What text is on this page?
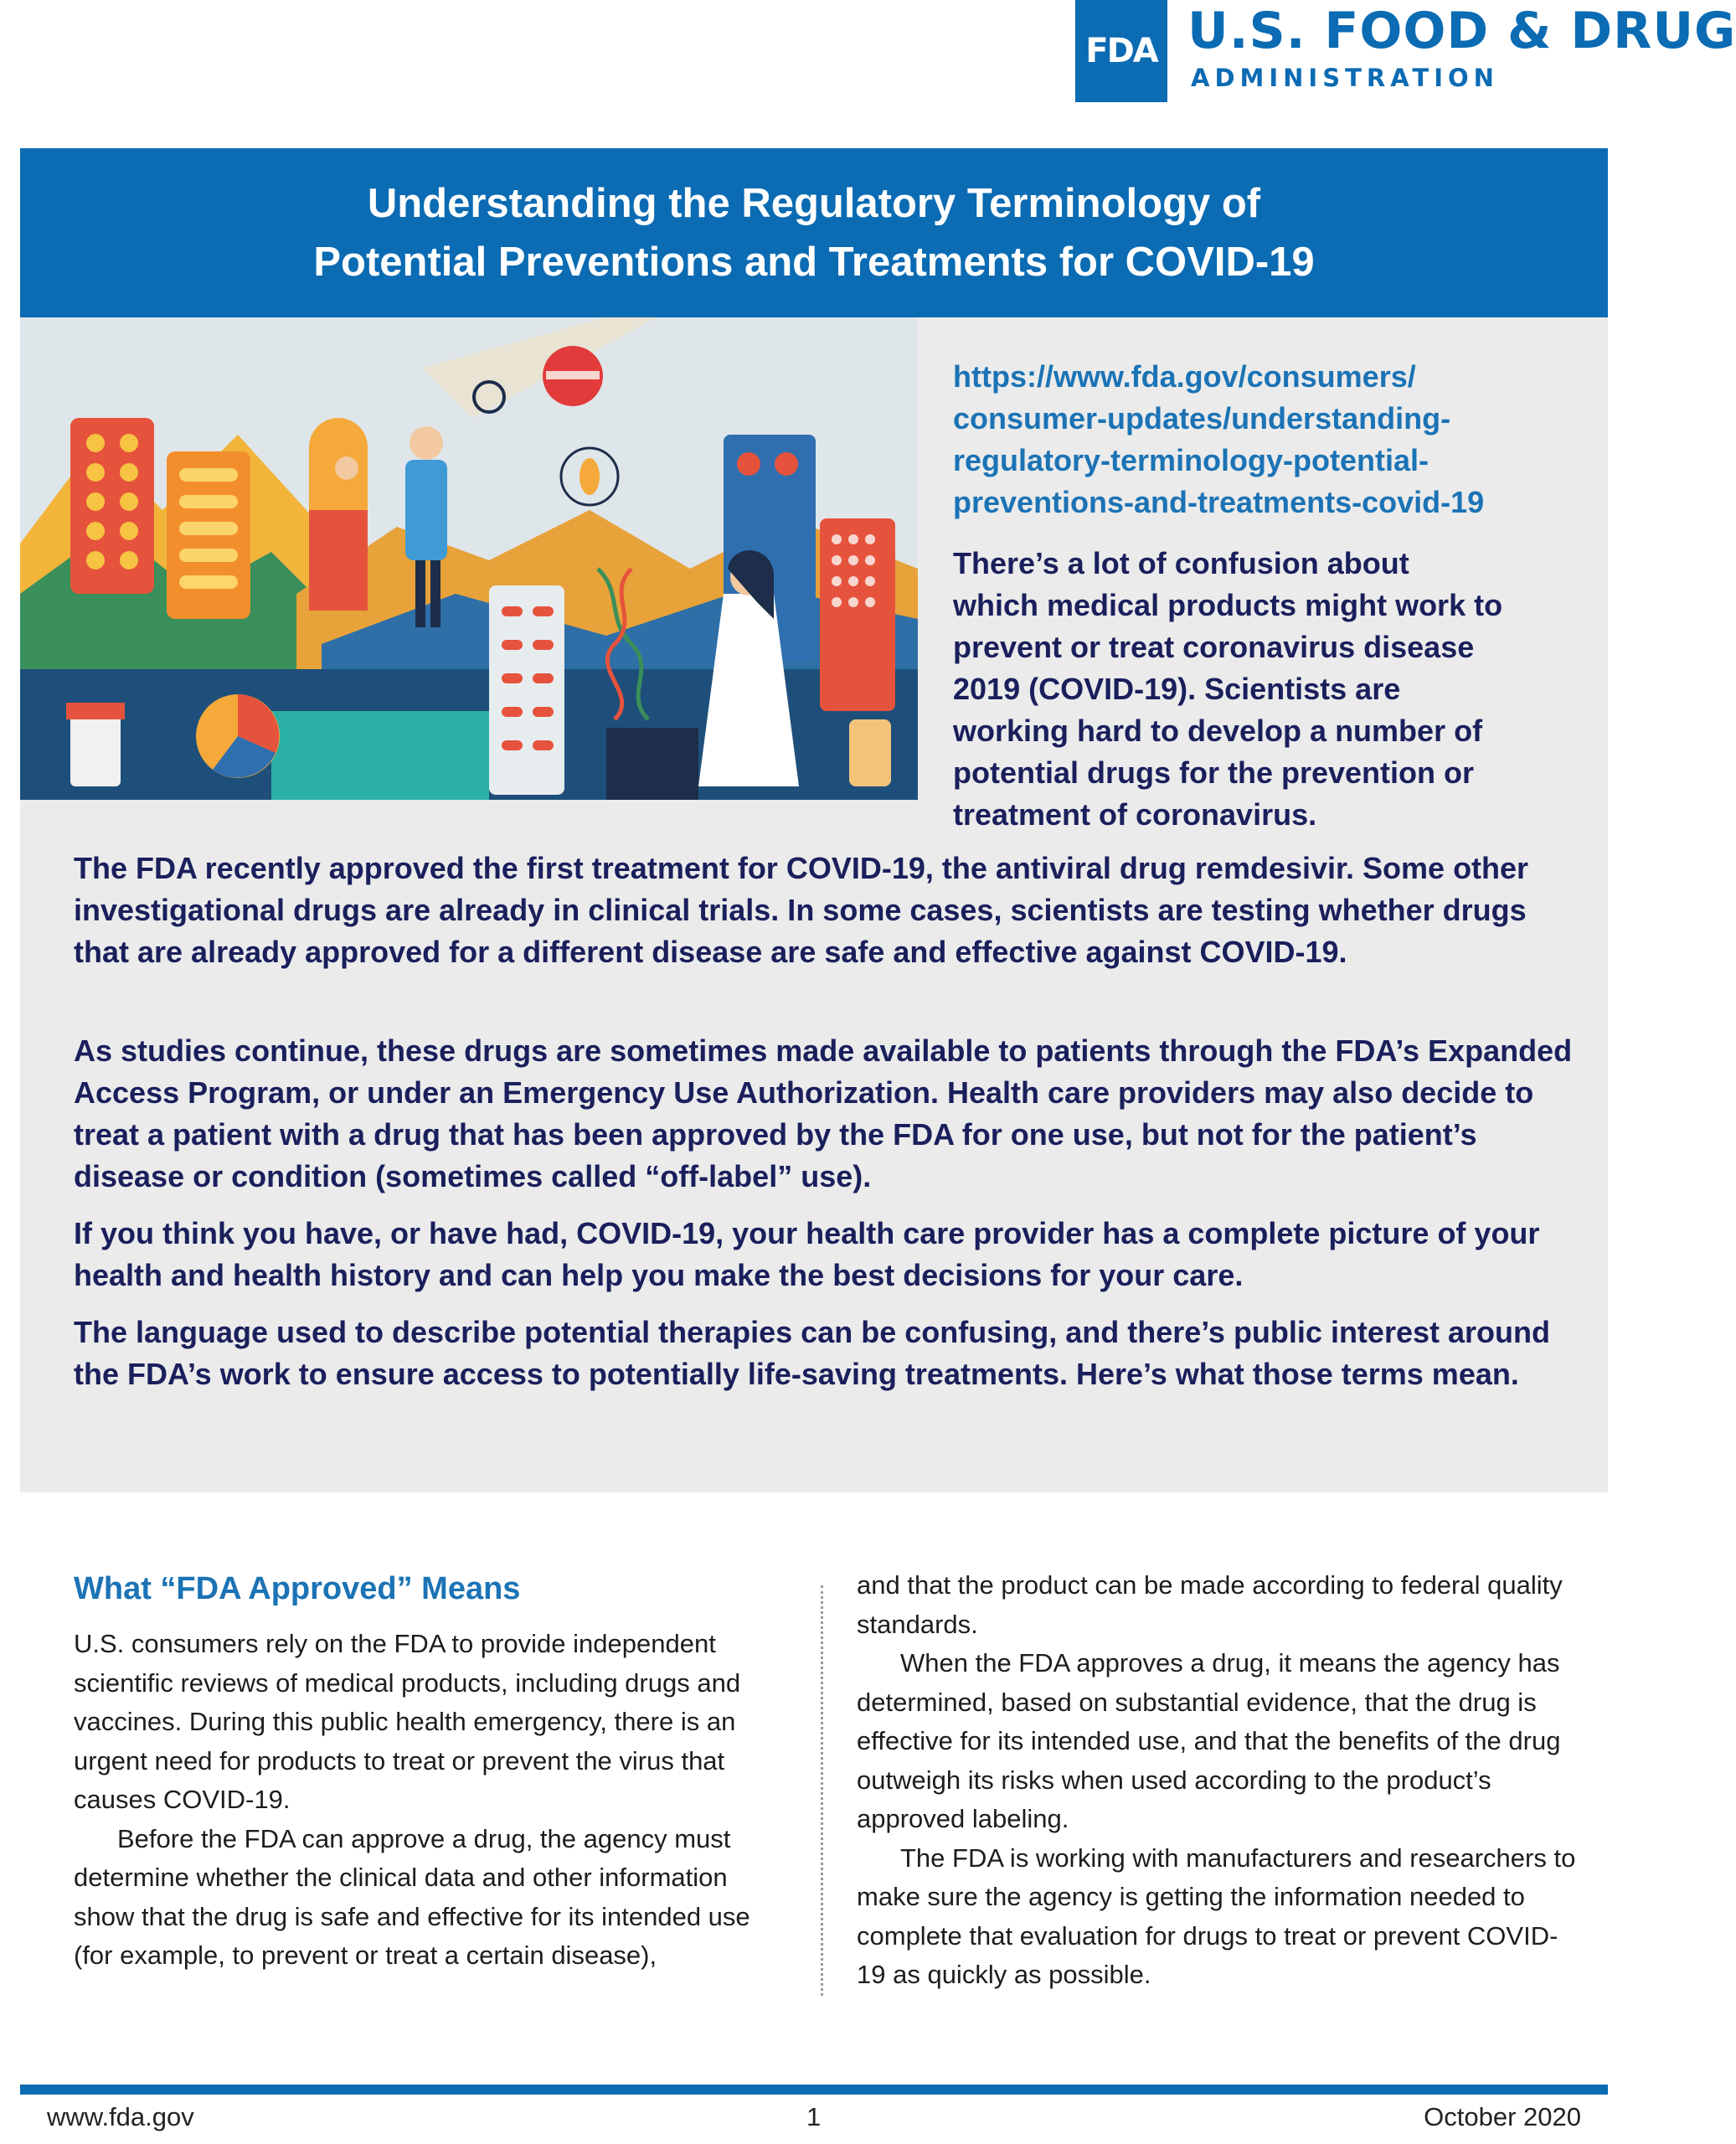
FDA U.S. FOOD & DRUG
ADMINISTRATION
Understanding the Regulatory Terminology of
Potential Preventions and Treatments for COVID-19
https://www.fda.gov/consumers/
consumer-updates/understanding-
regulatory-terminology-potential-
preventions-and-treatments-covid-19
There’s a lot of confusion about
which medical products might work to
prevent or treat coronavirus disease
2019 (COVID-19). Scientists are
working hard to develop a number of
potential drugs for the prevention or
treatment of coronavirus.
The FDA recently approved the first treatment for COVID-19, the antiviral drug remdesivir. Some other investigational drugs are already in clinical trials. In some cases, scientists are testing whether drugs that are already approved for a different disease are safe and effective against COVID-19.
As studies continue, these drugs are sometimes made available to patients through the FDA’s Expanded Access Program, or under an Emergency Use Authorization. Health care providers may also decide to treat a patient with a drug that has been approved by the FDA for one use, but not for the patient’s disease or condition (sometimes called “off-label” use).
If you think you have, or have had, COVID-19, your health care provider has a complete picture of your health and health history and can help you make the best decisions for your care.
The language used to describe potential therapies can be confusing, and there’s public interest around the FDA’s work to ensure access to potentially life-saving treatments. Here’s what those terms mean.
What “FDA Approved” Means

U.S. consumers rely on the FDA to provide independent scientific reviews of medical products, including drugs and vaccines. During this public health emergency, there is an urgent need for products to treat or prevent the virus that causes COVID-19.

Before the FDA can approve a drug, the agency must determine whether the clinical data and other information show that the drug is safe and effective for its intended use (for example, to prevent or treat a certain disease),

and that the product can be made according to federal quality standards.

When the FDA approves a drug, it means the agency has determined, based on substantial evidence, that the drug is effective for its intended use, and that the benefits of the drug outweigh its risks when used according to the product’s approved labeling.

The FDA is working with manufacturers and researchers to make sure the agency is getting the information needed to complete that evaluation for drugs to treat or prevent COVID-19 as quickly as possible.

www.fda.gov	1	October 2020
